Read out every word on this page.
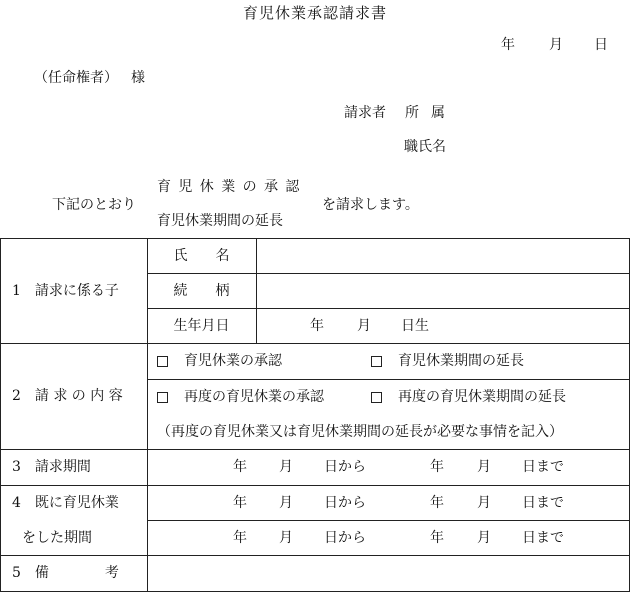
育児休業承認請求書
年 月 日
（任命権者） 様
請求者 所属
職氏名
下記のとおり
育児休業の承認
育児休業期間の延長
を請求します。
1　請求に係る子
氏　　名
続　　柄
生年月日	年 月 日生
2　請 求 の 内 容
育児休業の承認	育児休業期間の延長
再度の育児休業の承認	再度の育児休業期間の延長
（再度の育児休業又は育児休業期間の延長が必要な事情を記入）
3　請求期間	年 月 日から	年 月 日まで
4　既に育児休業
をした期間
年 月 日から	年 月 日まで
年 月 日から	年 月 日まで
5　備　　　　考
